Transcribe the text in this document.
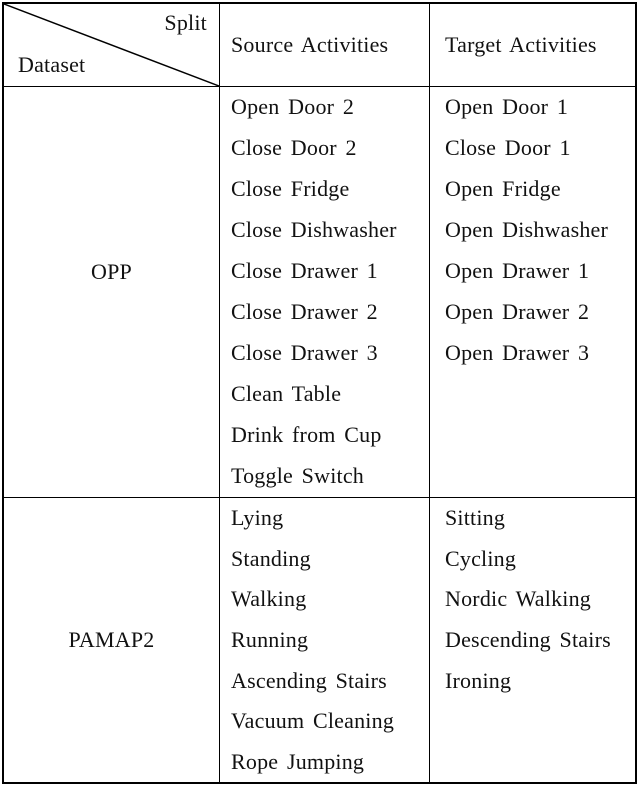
Split
Dataset
Source Activities	Target Activities
OPP
Open Door 2
Close Door 2
Close Fridge
Close Dishwasher
Close Drawer 1
Close Drawer 2
Close Drawer 3
Clean Table
Drink from Cup
Toggle Switch
Open Door 1
Close Door 1
Open Fridge
Open Dishwasher
Open Drawer 1
Open Drawer 2
Open Drawer 3
PAMAP2
Lying
Standing
Walking
Running
Ascending Stairs
Vacuum Cleaning
Rope Jumping
Sitting
Cycling
Nordic Walking
Descending Stairs
Ironing
